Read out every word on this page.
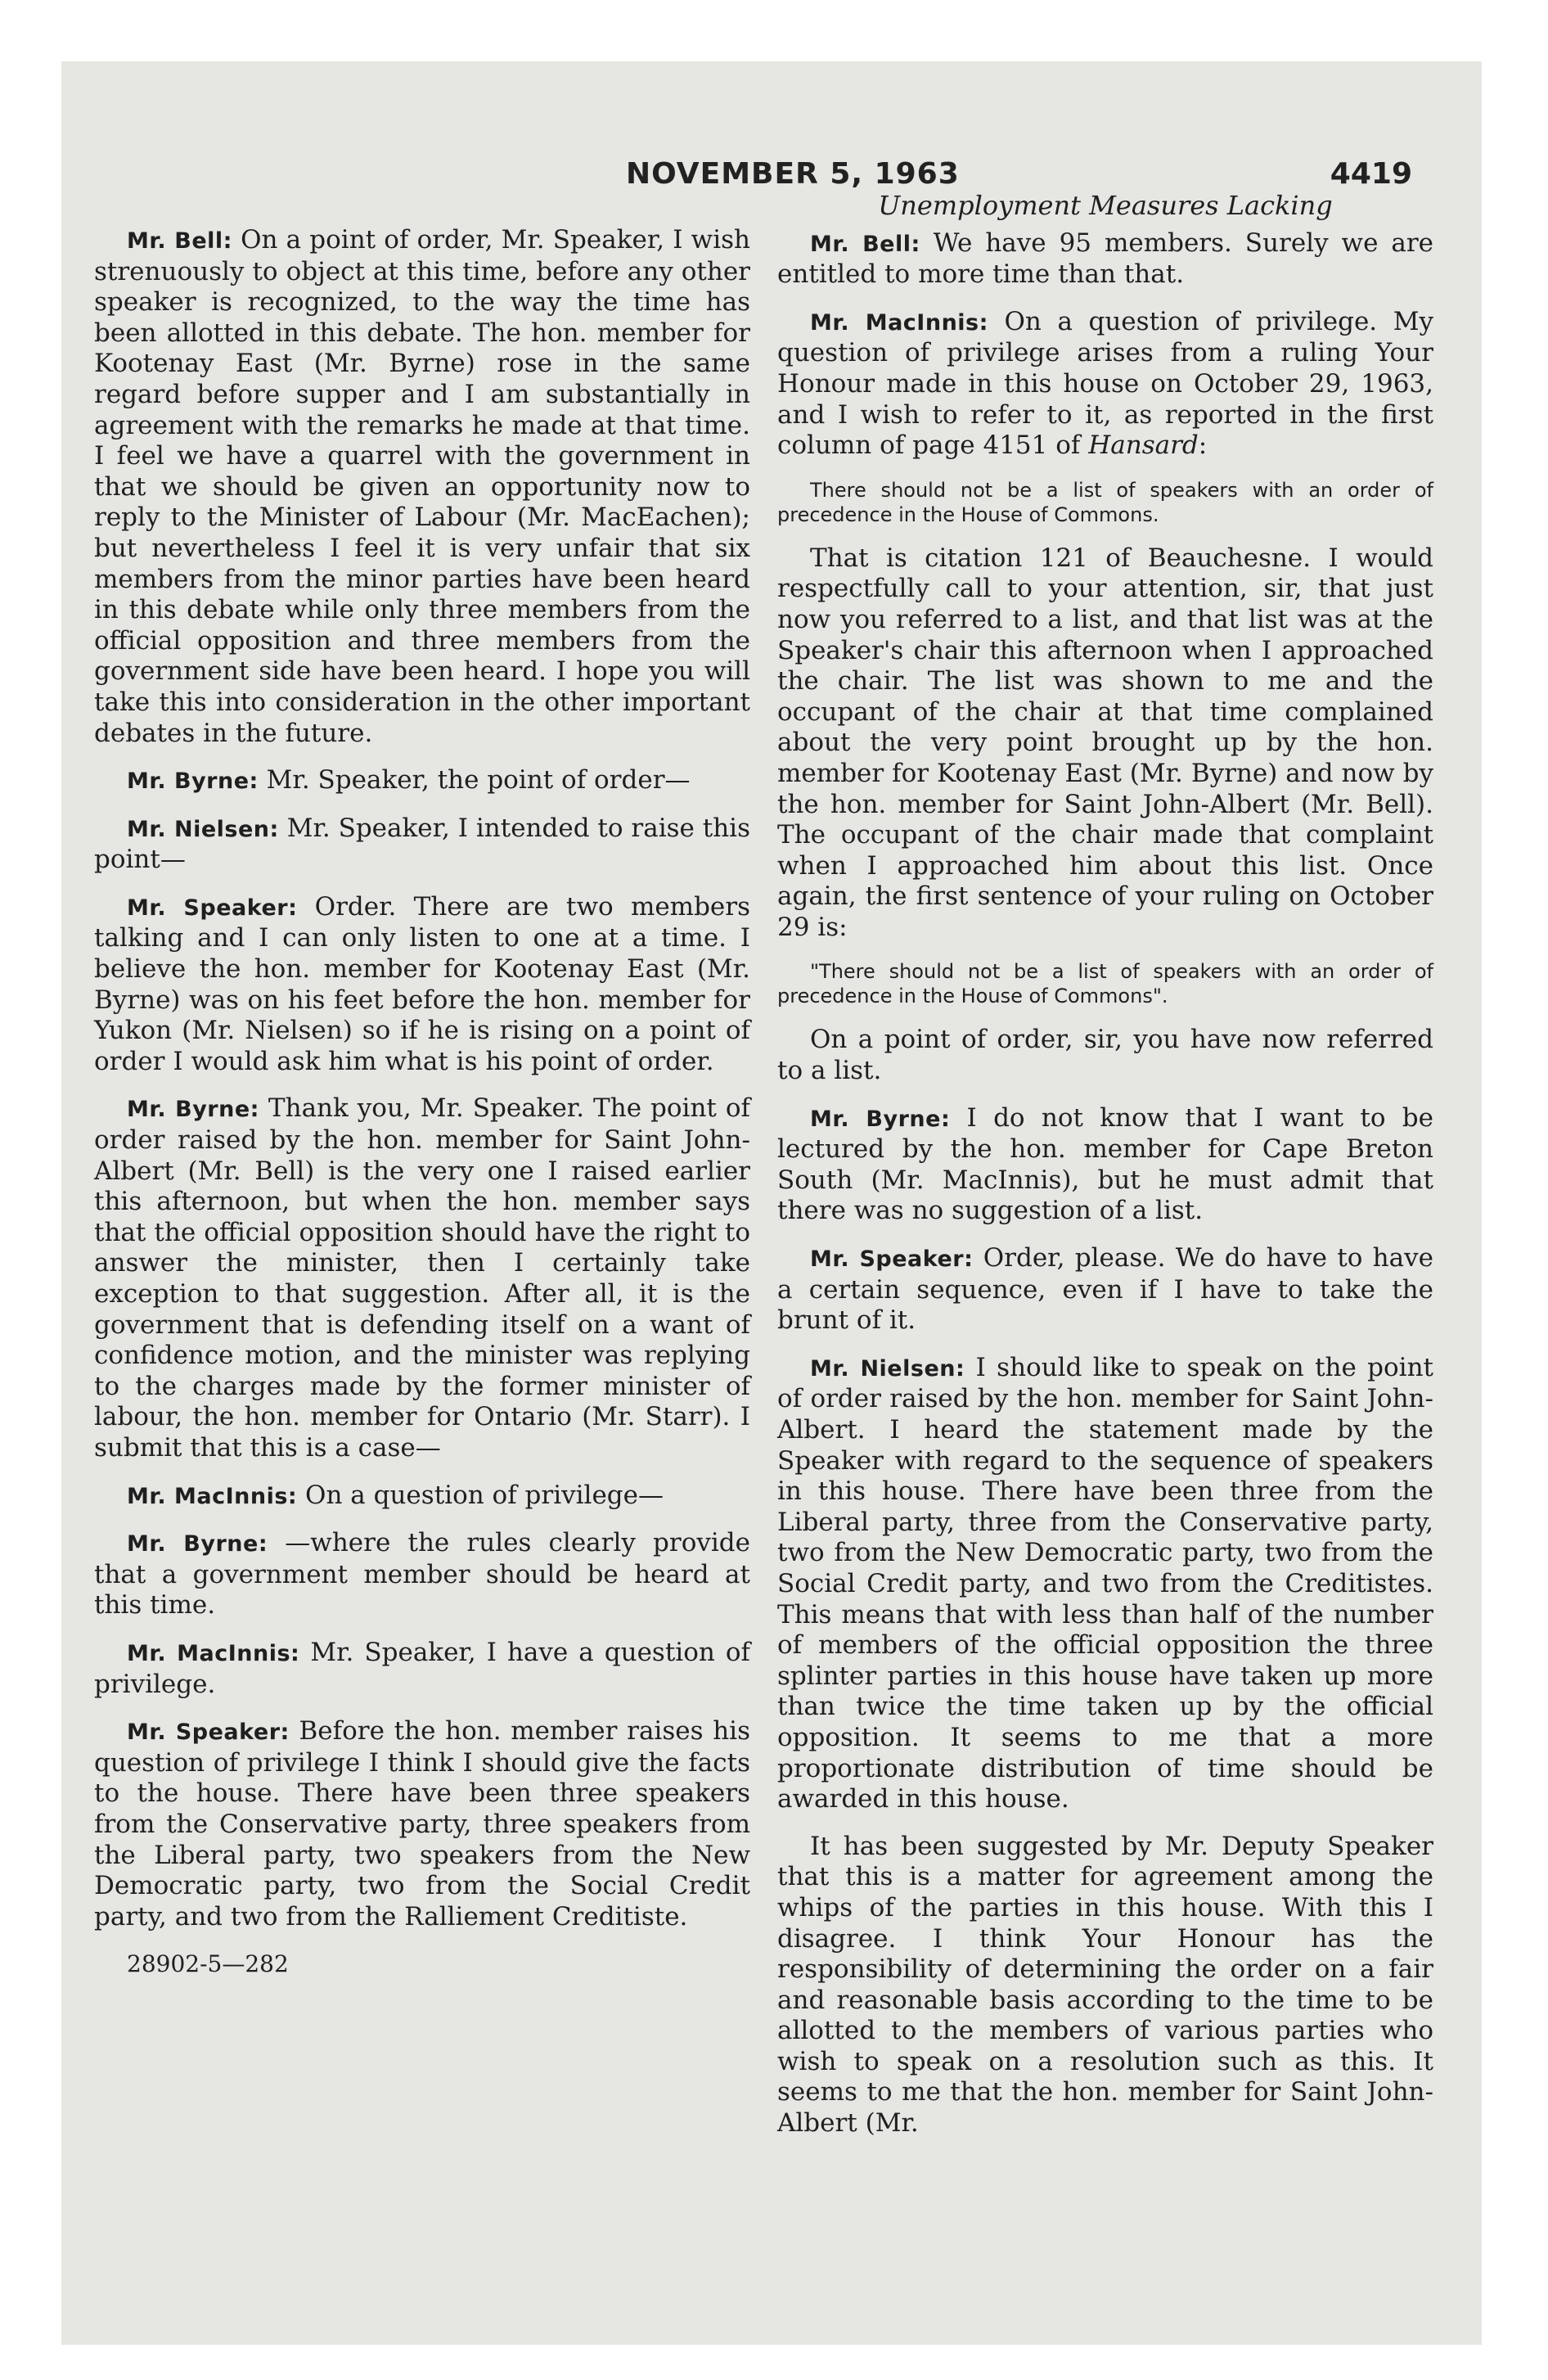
NOVEMBER 5, 1963	4419

Mr. Bell: On a point of order, Mr. Speaker, I wish strenuously to object at this time, before any other speaker is recognized, to the way the time has been allotted in this debate. The hon. member for Kootenay East (Mr. Byrne) rose in the same regard before supper and I am substantially in agreement with the remarks he made at that time. I feel we have a quarrel with the government in that we should be given an opportunity now to reply to the Minister of Labour (Mr. MacEachen); but nevertheless I feel it is very unfair that six members from the minor parties have been heard in this debate while only three members from the official opposition and three members from the government side have been heard. I hope you will take this into consideration in the other important debates in the future.

Mr. Byrne: Mr. Speaker, the point of order—

Mr. Nielsen: Mr. Speaker, I intended to raise this point—

Mr. Speaker: Order. There are two members talking and I can only listen to one at a time. I believe the hon. member for Kootenay East (Mr. Byrne) was on his feet before the hon. member for Yukon (Mr. Nielsen) so if he is rising on a point of order I would ask him what is his point of order.

Mr. Byrne: Thank you, Mr. Speaker. The point of order raised by the hon. member for Saint John-Albert (Mr. Bell) is the very one I raised earlier this afternoon, but when the hon. member says that the official opposition should have the right to answer the minister, then I certainly take exception to that suggestion. After all, it is the government that is defending itself on a want of confidence motion, and the minister was replying to the charges made by the former minister of labour, the hon. member for Ontario (Mr. Starr). I submit that this is a case—

Mr. MacInnis: On a question of privilege—

Mr. Byrne: —where the rules clearly provide that a government member should be heard at this time.

Mr. MacInnis: Mr. Speaker, I have a question of privilege.

Mr. Speaker: Before the hon. member raises his question of privilege I think I should give the facts to the house. There have been three speakers from the Conservative party, three speakers from the Liberal party, two speakers from the New Democratic party, two from the Social Credit party, and two from the Ralliement Creditiste.

28902-5—282

Unemployment Measures Lacking

Mr. Bell: We have 95 members. Surely we are entitled to more time than that.

Mr. MacInnis: On a question of privilege. My question of privilege arises from a ruling Your Honour made in this house on October 29, 1963, and I wish to refer to it, as reported in the first column of page 4151 of Hansard:

There should not be a list of speakers with an order of precedence in the House of Commons.

That is citation 121 of Beauchesne. I would respectfully call to your attention, sir, that just now you referred to a list, and that list was at the Speaker's chair this afternoon when I approached the chair. The list was shown to me and the occupant of the chair at that time complained about the very point brought up by the hon. member for Kootenay East (Mr. Byrne) and now by the hon. member for Saint John-Albert (Mr. Bell). The occupant of the chair made that complaint when I approached him about this list. Once again, the first sentence of your ruling on October 29 is:

"There should not be a list of speakers with an order of precedence in the House of Commons".

On a point of order, sir, you have now referred to a list.

Mr. Byrne: I do not know that I want to be lectured by the hon. member for Cape Breton South (Mr. MacInnis), but he must admit that there was no suggestion of a list.

Mr. Speaker: Order, please. We do have to have a certain sequence, even if I have to take the brunt of it.

Mr. Nielsen: I should like to speak on the point of order raised by the hon. member for Saint John-Albert. I heard the statement made by the Speaker with regard to the sequence of speakers in this house. There have been three from the Liberal party, three from the Conservative party, two from the New Democratic party, two from the Social Credit party, and two from the Creditistes. This means that with less than half of the number of members of the official opposition the three splinter parties in this house have taken up more than twice the time taken up by the official opposition. It seems to me that a more proportionate distribution of time should be awarded in this house.

It has been suggested by Mr. Deputy Speaker that this is a matter for agreement among the whips of the parties in this house. With this I disagree. I think Your Honour has the responsibility of determining the order on a fair and reasonable basis according to the time to be allotted to the members of various parties who wish to speak on a resolution such as this. It seems to me that the hon. member for Saint John-Albert (Mr.
